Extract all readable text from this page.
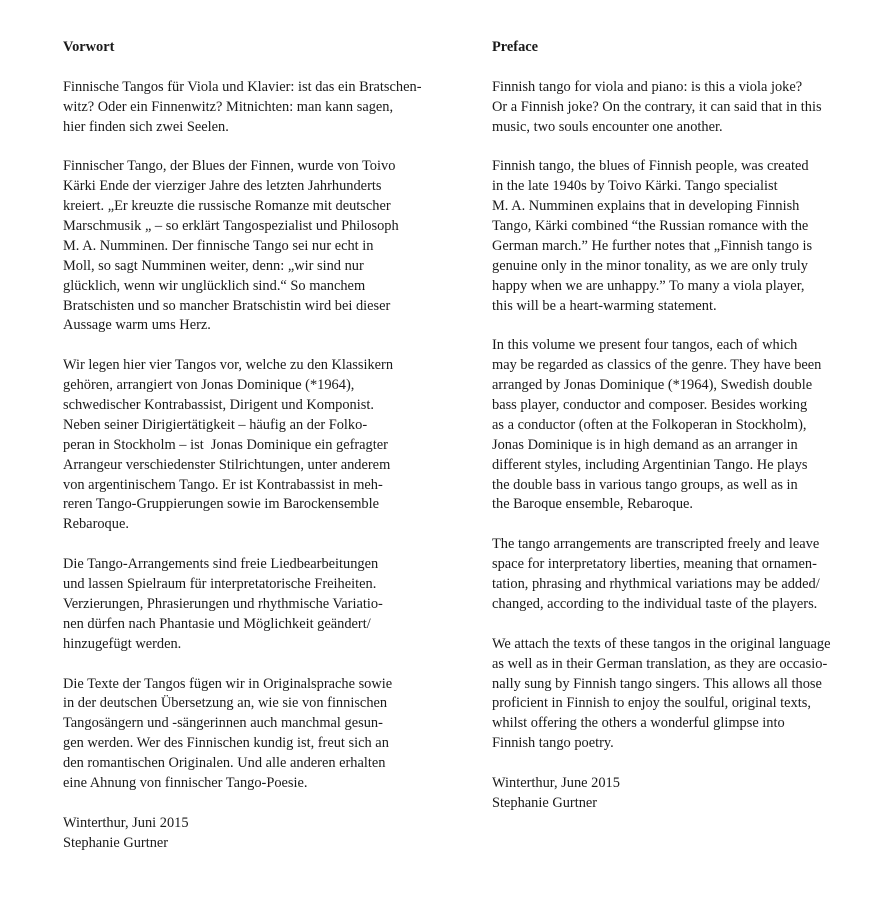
Vorwort
Finnische Tangos für Viola und Klavier: ist das ein Bratschen-
witz? Oder ein Finnenwitz? Mitnichten: man kann sagen,
hier finden sich zwei Seelen.
Finnischer Tango, der Blues der Finnen, wurde von Toivo
Kärki Ende der vierziger Jahre des letzten Jahrhunderts
kreiert. „Er kreuzte die russische Romanze mit deutscher
Marschmusik „ – so erklärt Tangospezialist und Philosoph
M. A. Numminen. Der finnische Tango sei nur echt in
Moll, so sagt Numminen weiter, denn: „wir sind nur
glücklich, wenn wir unglücklich sind.“ So manchem
Bratschisten und so mancher Bratschistin wird bei dieser
Aussage warm ums Herz.
Wir legen hier vier Tangos vor, welche zu den Klassikern
gehören, arrangiert von Jonas Dominique (*1964),
schwedischer Kontrabassist, Dirigent und Komponist.
Neben seiner Dirigiertätigkeit – häufig an der Folko-
peran in Stockholm – ist  Jonas Dominique ein gefragter
Arrangeur verschiedenster Stilrichtungen, unter anderem
von argentinischem Tango. Er ist Kontrabassist in meh-
reren Tango-Gruppierungen sowie im Barockensemble
Rebaroque.
Die Tango-Arrangements sind freie Liedbearbeitungen
und lassen Spielraum für interpretatorische Freiheiten.
Verzierungen, Phrasierungen und rhythmische Variatio-
nen dürfen nach Phantasie und Möglichkeit geändert/
hinzugefügt werden.
Die Texte der Tangos fügen wir in Originalsprache sowie
in der deutschen Übersetzung an, wie sie von finnischen
Tangosängern und -sängerinnen auch manchmal gesun-
gen werden. Wer des Finnischen kundig ist, freut sich an
den romantischen Originalen. Und alle anderen erhalten
eine Ahnung von finnischer Tango-Poesie.
Winterthur, Juni 2015
Stephanie Gurtner
Preface
Finnish tango for viola and piano: is this a viola joke?
Or a Finnish joke? On the contrary, it can said that in this
music, two souls encounter one another.
Finnish tango, the blues of Finnish people, was created
in the late 1940s by Toivo Kärki. Tango specialist
M. A. Numminen explains that in developing Finnish
Tango, Kärki combined “the Russian romance with the
German march.” He further notes that „Finnish tango is
genuine only in the minor tonality, as we are only truly
happy when we are unhappy.” To many a viola player,
this will be a heart-warming statement.
In this volume we present four tangos, each of which
may be regarded as classics of the genre. They have been
arranged by Jonas Dominique (*1964), Swedish double
bass player, conductor and composer. Besides working
as a conductor (often at the Folkoperan in Stockholm),
Jonas Dominique is in high demand as an arranger in
different styles, including Argentinian Tango. He plays
the double bass in various tango groups, as well as in
the Baroque ensemble, Rebaroque.
The tango arrangements are transcripted freely and leave
space for interpretatory liberties, meaning that ornamen-
tation, phrasing and rhythmical variations may be added/
changed, according to the individual taste of the players.
We attach the texts of these tangos in the original language
as well as in their German translation, as they are occasio-
nally sung by Finnish tango singers. This allows all those
proficient in Finnish to enjoy the soulful, original texts,
whilst offering the others a wonderful glimpse into
Finnish tango poetry.
Winterthur, June 2015
Stephanie Gurtner
